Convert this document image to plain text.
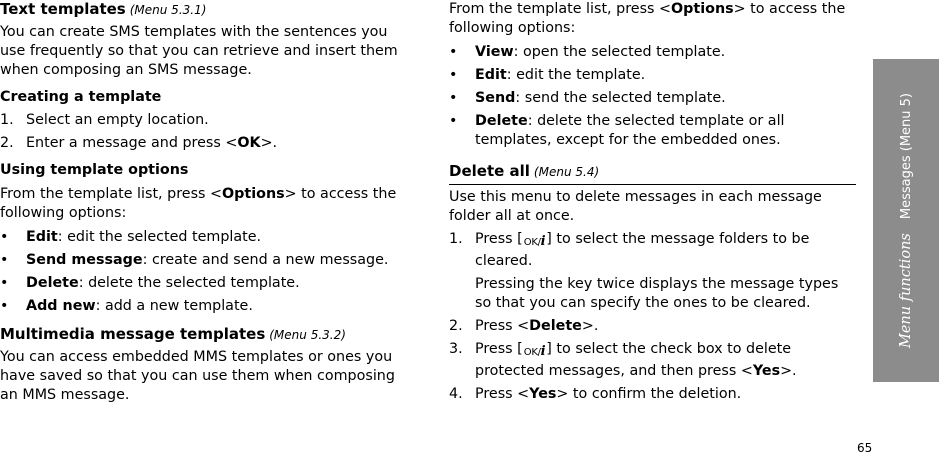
Text templates (Menu 5.3.1)

You can create SMS templates with the sentences you use frequently so that you can retrieve and insert them when composing an SMS message.

Creating a template
1. Select an empty location.
2. Enter a message and press <OK>.
Using template options

From the template list, press <Options> to access the following options:

• Edit: edit the selected template.
• Send message: create and send a new message.
• Delete: delete the selected template.
• Add new: add a new template.
Multimedia message templates (Menu 5.3.2)

You can access embedded MMS templates or ones you have saved so that you can use them when composing an MMS message.

From the template list, press <Options> to access the following options:

• View: open the selected template.
• Edit: edit the template.
• Send: send the selected template.
• Delete: delete the selected template or all templates, except for the embedded ones.
Delete all (Menu 5.4)

Use this menu to delete messages in each message folder all at once.

1. Press [OK/i] to select the message folders to be cleared.

Pressing the key twice displays the message types so that you can specify the ones to be cleared.

2. Press <Delete>.
3. Press [OK/i] to select the check box to delete protected messages, and then press <Yes>.
4. Press <Yes> to confirm the deletion.
Menu functions
Messages (Menu 5)
65
